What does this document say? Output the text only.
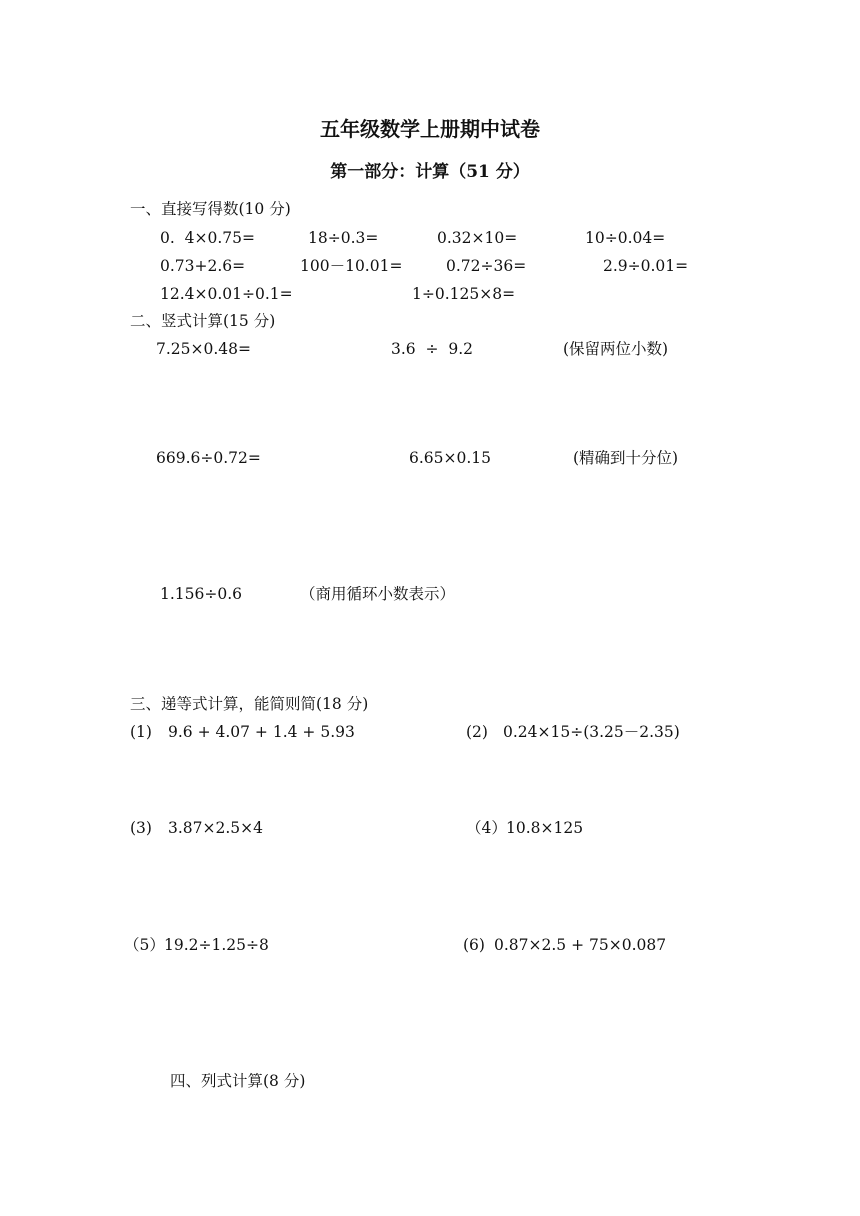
五年级数学上册期中试卷
第一部分：计算（51 分）
一、直接写得数(10 分)
0.  4×0.75=	18÷0.3=	0.32×10=	10÷0.04=
0.73+2.6=	100－10.01=	0.72÷36=	2.9÷0.01=
12.4×0.01÷0.1=	1÷0.125×8=
二、竖式计算(15 分)
7.25×0.48=	3.6  ÷  9.2	(保留两位小数)
669.6÷0.72=	6.65×0.15	(精确到十分位)
1.156÷0.6	（商用循环小数表示）
三、递等式计算，能简则简(18 分)
(1) 9.6 + 4.07 + 1.4 + 5.93	(2) 0.24×15÷(3.25－2.35)
(3) 3.87×2.5×4	（4） 10.8×125
（5） 19.2÷1.25÷8	(6) 0.87×2.5 + 75×0.087
四、列式计算(8 分)
